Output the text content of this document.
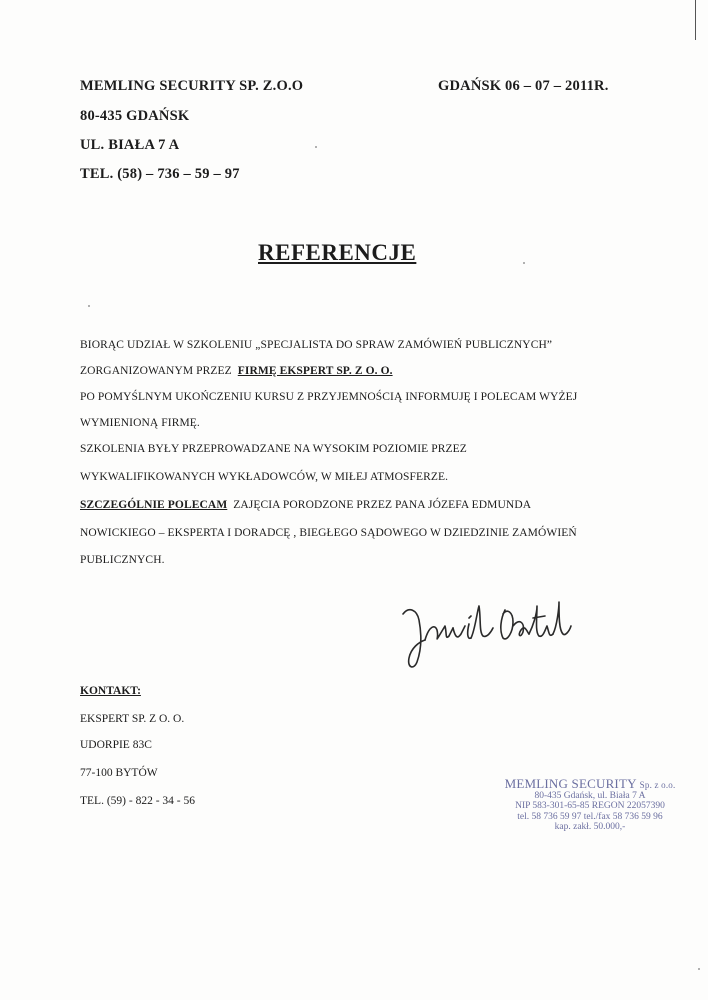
MEMLING SECURITY SP. Z.O.O
80-435 GDAŃSK
UL. BIAŁA 7 A
TEL. (58) – 736 – 59 – 97
GDAŃSK 06 – 07 – 2011R.
REFERENCJE
BIORĄC UDZIAŁ W SZKOLENIU „SPECJALISTA DO SPRAW ZAMÓWIEŃ PUBLICZNYCH”
ZORGANIZOWANYM PRZEZ FIRMĘ EKSPERT SP. Z O. O.
PO POMYŚLNYM UKOŃCZENIU KURSU Z PRZYJEMNOŚCIĄ INFORMUJĘ I POLECAM WYŻEJ
WYMIENIONĄ FIRMĘ.
SZKOLENIA BYŁY PRZEPROWADZANE NA WYSOKIM POZIOMIE PRZEZ
WYKWALIFIKOWANYCH WYKŁADOWCÓW, W MIŁEJ ATMOSFERZE.
SZCZEGÓLNIE POLECAM ZAJĘCIA PORODZONE PRZEZ PANA JÓZEFA EDMUNDA
NOWICKIEGO – EKSPERTA I DORADCĘ , BIEGŁEGO SĄDOWEGO W DZIEDZINIE ZAMÓWIEŃ
PUBLICZNYCH.
KONTAKT:
EKSPERT SP. Z O. O.
UDORPIE 83C
77-100 BYTÓW
TEL. (59) - 822 - 34 - 56
MEMLING SECURITY Sp. z o.o.
80-435 Gdańsk, ul. Biała 7 A
NIP 583-301-65-85 REGON 22057390
tel. 58 736 59 97 tel./fax 58 736 59 96
kap. zakł. 50.000,-
